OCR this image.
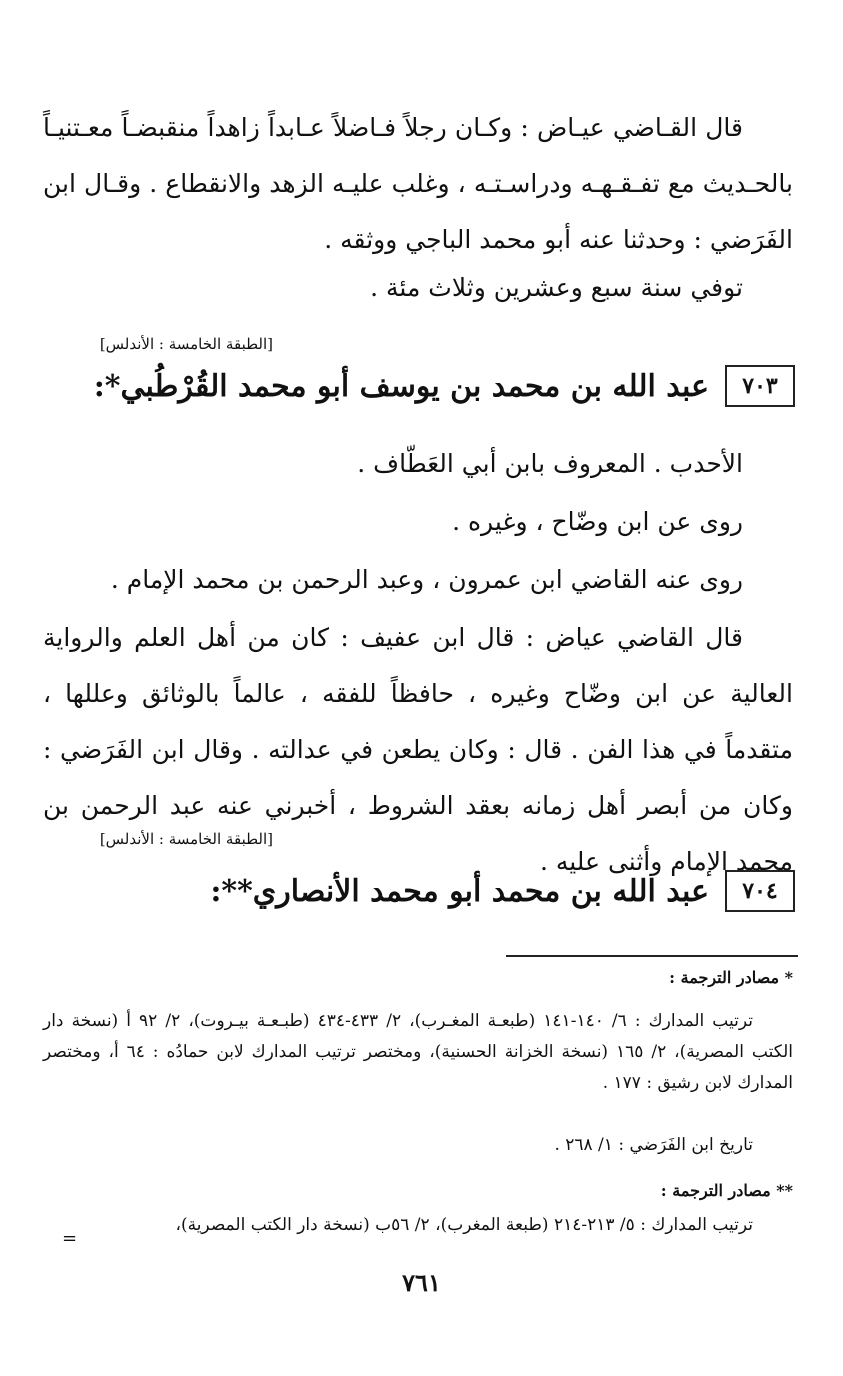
قال القـاضي عيـاض : وكـان رجلاً فـاضلاً عـابداً زاهداً منقبضـاً معـتنيـاً بالحـديث مع تفـقـهـه ودراسـتـه ، وغلب عليـه الزهد والانقطاع . وقـال ابن الفَرَضي : وحدثنا عنه أبو محمد الباجي ووثقه .
توفي سنة سبع وعشرين وثلاث مئة .
[الطبقة الخامسة : الأندلس]
٧٠٣
عبد الله بن محمد بن يوسف أبو محمد القُرْطُبي*:
الأحدب . المعروف بابن أبي العَطّاف .
روى عن ابن وضّاح ، وغيره .
روى عنه القاضي ابن عمرون ، وعبد الرحمن بن محمد الإمام .
قال القاضي عياض : قال ابن عفيف : كان من أهل العلم والرواية العالية عن ابن وضّاح وغيره ، حافظاً للفقه ، عالماً بالوثائق وعللها ، متقدماً في هذا الفن . قال : وكان يطعن في عدالته . وقال ابن الفَرَضي : وكان من أبصر أهل زمانه بعقد الشروط ، أخبرني عنه عبد الرحمن بن محمد الإمام وأثنى عليه .
[الطبقة الخامسة : الأندلس]
٧٠٤
عبد الله بن محمد أبو محمد الأنصاري**:
* مصادر الترجمة :
ترتيب المدارك : ٦/ ١٤٠-١٤١ (طبعـة المغـرب)، ٢/ ٤٣٣-٤٣٤ (طبـعـة بيـروت)، ٢/ ٩٢ أ (نسخة دار الكتب المصرية)، ٢/ ١٦٥ (نسخة الخزانة الحسنية)، ومختصر ترتيب المدارك لابن حمادُه : ٦٤ أ، ومختصر المدارك لابن رشيق : ١٧٧ .
تاريخ ابن الفَرَضي : ١/ ٢٦٨ .
** مصادر الترجمة :
ترتيب المدارك : ٥/ ٢١٣-٢١٤ (طبعة المغرب)، ٢/ ٥٦ب (نسخة دار الكتب المصرية)،
=
٧٦١
